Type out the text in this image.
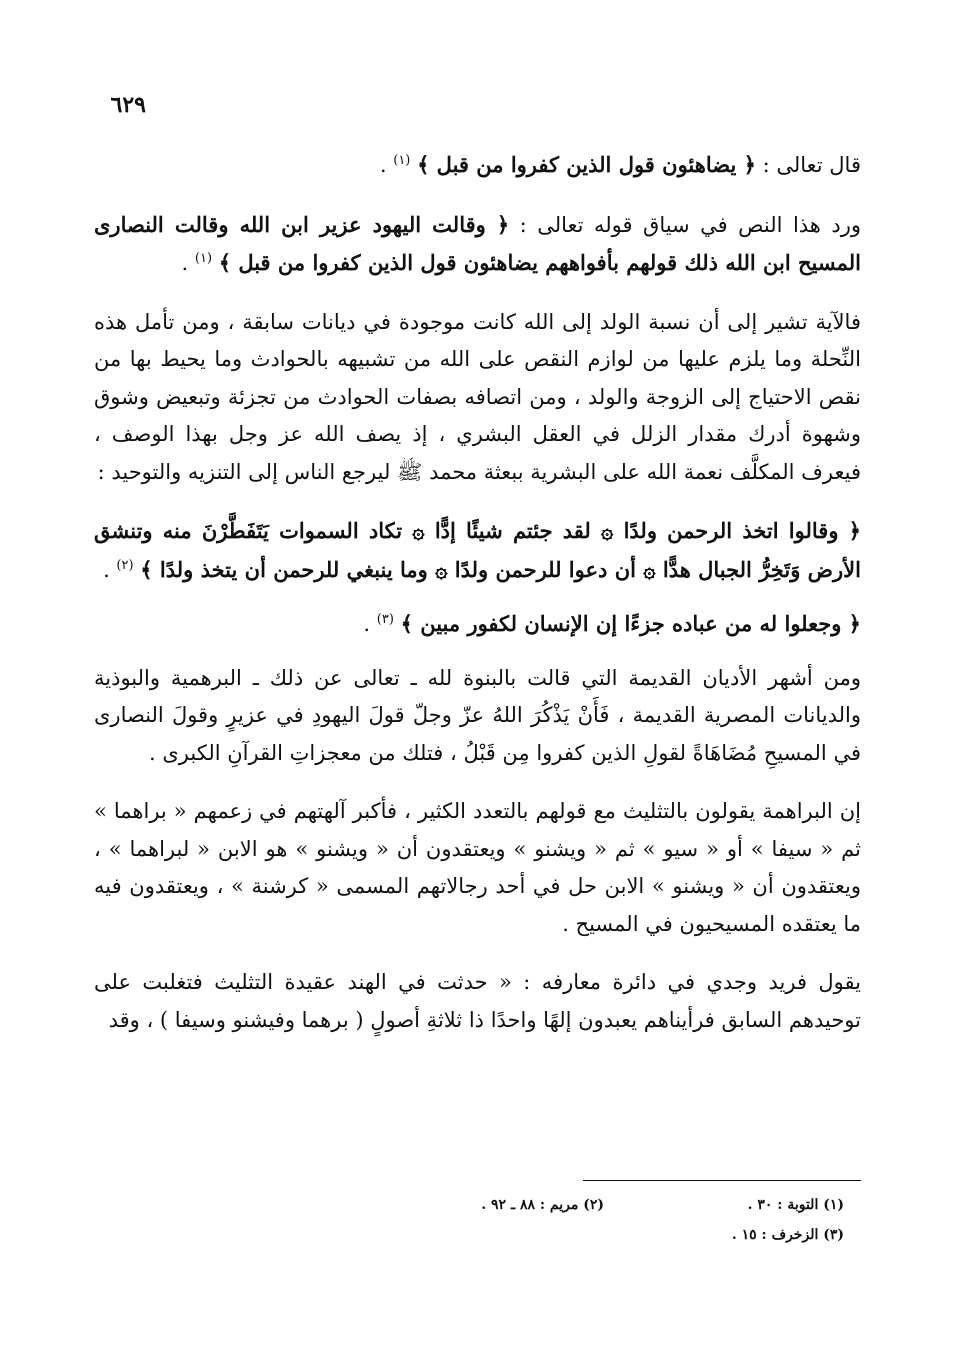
٦٢٩

قال تعالى : ﴿ يضاهئون قول الذين كفروا من قبل ﴾ $^{(١)}$ .

ورد هذا النص في سياق قوله تعالى : ﴿ وقالت اليهود عزير ابن الله وقالت النصارى المسيح ابن الله ذلك قولهم بأفواههم يضاهئون قول الذين كفروا من قبل ﴾ $^{(١)}$ .

فالآية تشير إلى أن نسبة الولد إلى الله كانت موجودة في ديانات سابقة ، ومن تأمل هذه النِّحلة وما يلزم عليها من لوازم النقص على الله من تشبيهه بالحوادث وما يحيط بها من نقص الاحتياج إلى الزوجة والولد ، ومن اتصافه بصفات الحوادث من تجزئة وتبعيض وشوق وشهوة أدرك مقدار الزلل في العقل البشري ، إذ يصف الله عز وجل بهذا الوصف ، فيعرف المكلَّف نعمة الله على البشرية ببعثة محمد ﷺ ليرجع الناس إلى التنزيه والتوحيد :

﴿ وقالوا اتخذ الرحمن ولدًا ۞ لقد جئتم شيئًا إدًّا ۞ تكاد السموات يَتَفَطَّرْنَ منه وتنشق الأرض وَتَخِرُّ الجبال هدًّا ۞ أن دعوا للرحمن ولدًا ۞ وما ينبغي للرحمن أن يتخذ ولدًا ﴾ $^{(٢)}$ .

﴿ وجعلوا له من عباده جزءًا إن الإنسان لكفور مبين ﴾ $^{(٣)}$ .

ومن أشهر الأديان القديمة التي قالت بالبنوة لله ـ تعالى عن ذلك ـ البرهمية والبوذية والديانات المصرية القديمة ، فَأَنْ يَذْكُرَ اللهُ عزّ وجلّ قولَ اليهودِ في عزيرٍ وقولَ النصارى في المسيحِ مُضَاهَاةً لقولِ الذين كفروا مِن قَبْلُ ، فتلك من معجزاتِ القرآنِ الكبرى .

إن البراهمة يقولون بالتثليث مع قولهم بالتعدد الكثير ، فأكبر آلهتهم في زعمهم « براهما » ثم « سيفا » أو « سيو » ثم « ويشنو » ويعتقدون أن « ويشنو » هو الابن « لبراهما » ، ويعتقدون أن « ويشنو » الابن حل في أحد رجالاتهم المسمى « كرشنة » ، ويعتقدون فيه ما يعتقده المسيحيون في المسيح .

يقول فريد وجدي في دائرة معارفه : « حدثت في الهند عقيدة التثليث فتغلبت على توحيدهم السابق فرأيناهم يعبدون إلهًا واحدًا ذا ثلاثةِ أصولٍ ( برهما وفيشنو وسيفا ) ، وقد

(١) التوبة : ٣٠ .
(٢) مريم : ٨٨ ـ ٩٢ .
(٣) الزخرف : ١٥ .
